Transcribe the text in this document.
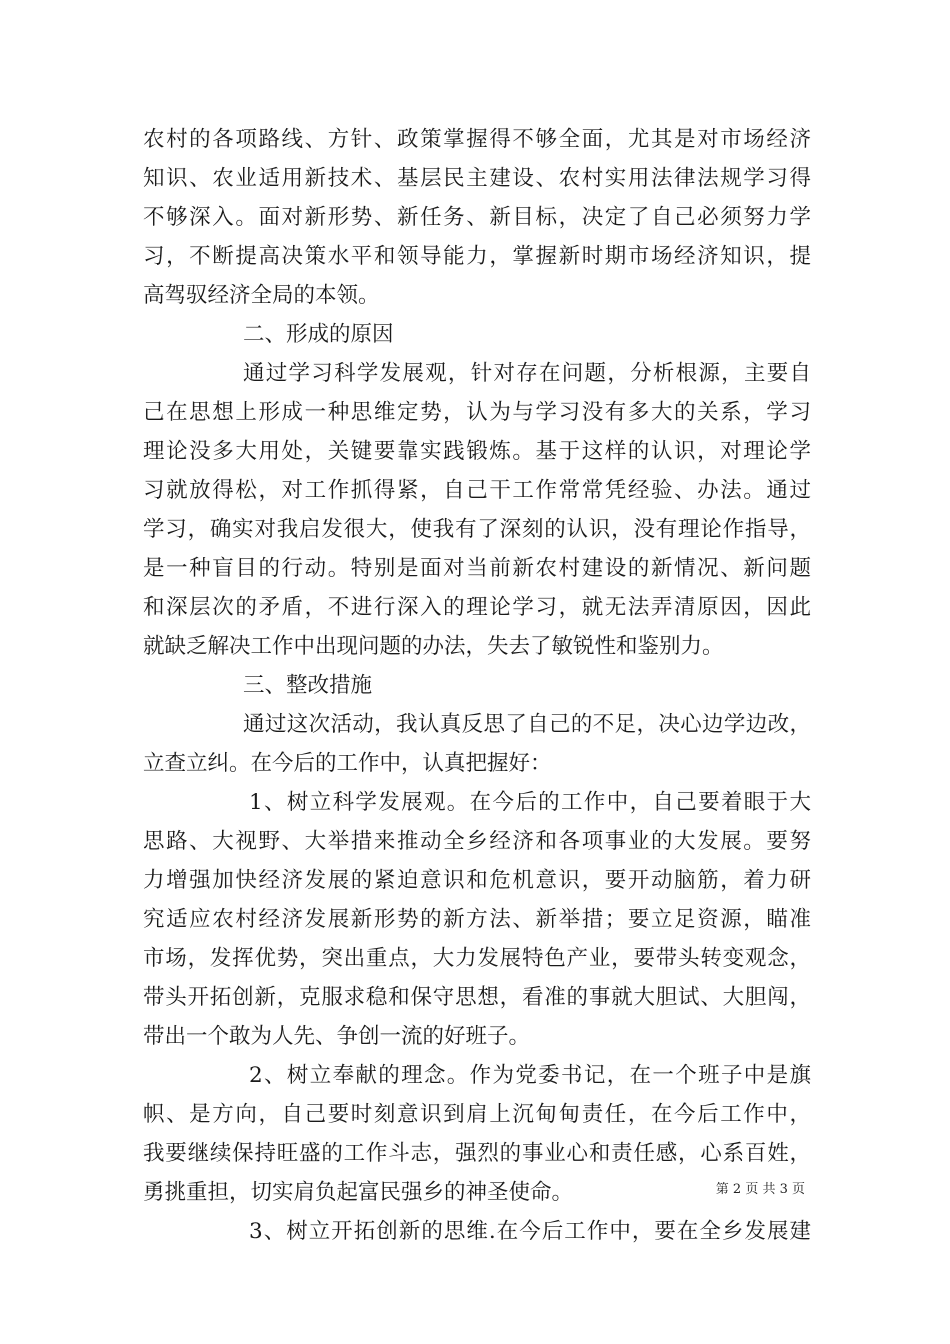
农村的各项路线、方针、政策掌握得不够全面，尤其是对市场经济
知识、农业适用新技术、基层民主建设、农村实用法律法规学习得
不够深入。面对新形势、新任务、新目标，决定了自己必须努力学
习，不断提高决策水平和领导能力，掌握新时期市场经济知识，提
高驾驭经济全局的本领。
二、形成的原因
通过学习科学发展观，针对存在问题，分析根源，主要自
己在思想上形成一种思维定势，认为与学习没有多大的关系，学习
理论没多大用处，关键要靠实践锻炼。基于这样的认识，对理论学
习就放得松，对工作抓得紧，自己干工作常常凭经验、办法。通过
学习，确实对我启发很大，使我有了深刻的认识，没有理论作指导，
是一种盲目的行动。特别是面对当前新农村建设的新情况、新问题
和深层次的矛盾，不进行深入的理论学习，就无法弄清原因，因此
就缺乏解决工作中出现问题的办法，失去了敏锐性和鉴别力。
三、整改措施
通过这次活动，我认真反思了自己的不足，决心边学边改，
立查立纠。在今后的工作中，认真把握好：
1、树立科学发展观。在今后的工作中，自己要着眼于大
思路、大视野、大举措来推动全乡经济和各项事业的大发展。要努
力增强加快经济发展的紧迫意识和危机意识，要开动脑筋，着力研
究适应农村经济发展新形势的新方法、新举措；要立足资源，瞄准
市场，发挥优势，突出重点，大力发展特色产业，要带头转变观念，
带头开拓创新，克服求稳和保守思想，看准的事就大胆试、大胆闯，
带出一个敢为人先、争创一流的好班子。
2、树立奉献的理念。作为党委书记，在一个班子中是旗
帜、是方向，自己要时刻意识到肩上沉甸甸责任，在今后工作中，
我要继续保持旺盛的工作斗志，强烈的事业心和责任感，心系百姓，
勇挑重担，切实肩负起富民强乡的神圣使命。
3、树立开拓创新的思维.在今后工作中，要在全乡发展建
第 2 页 共 3 页
